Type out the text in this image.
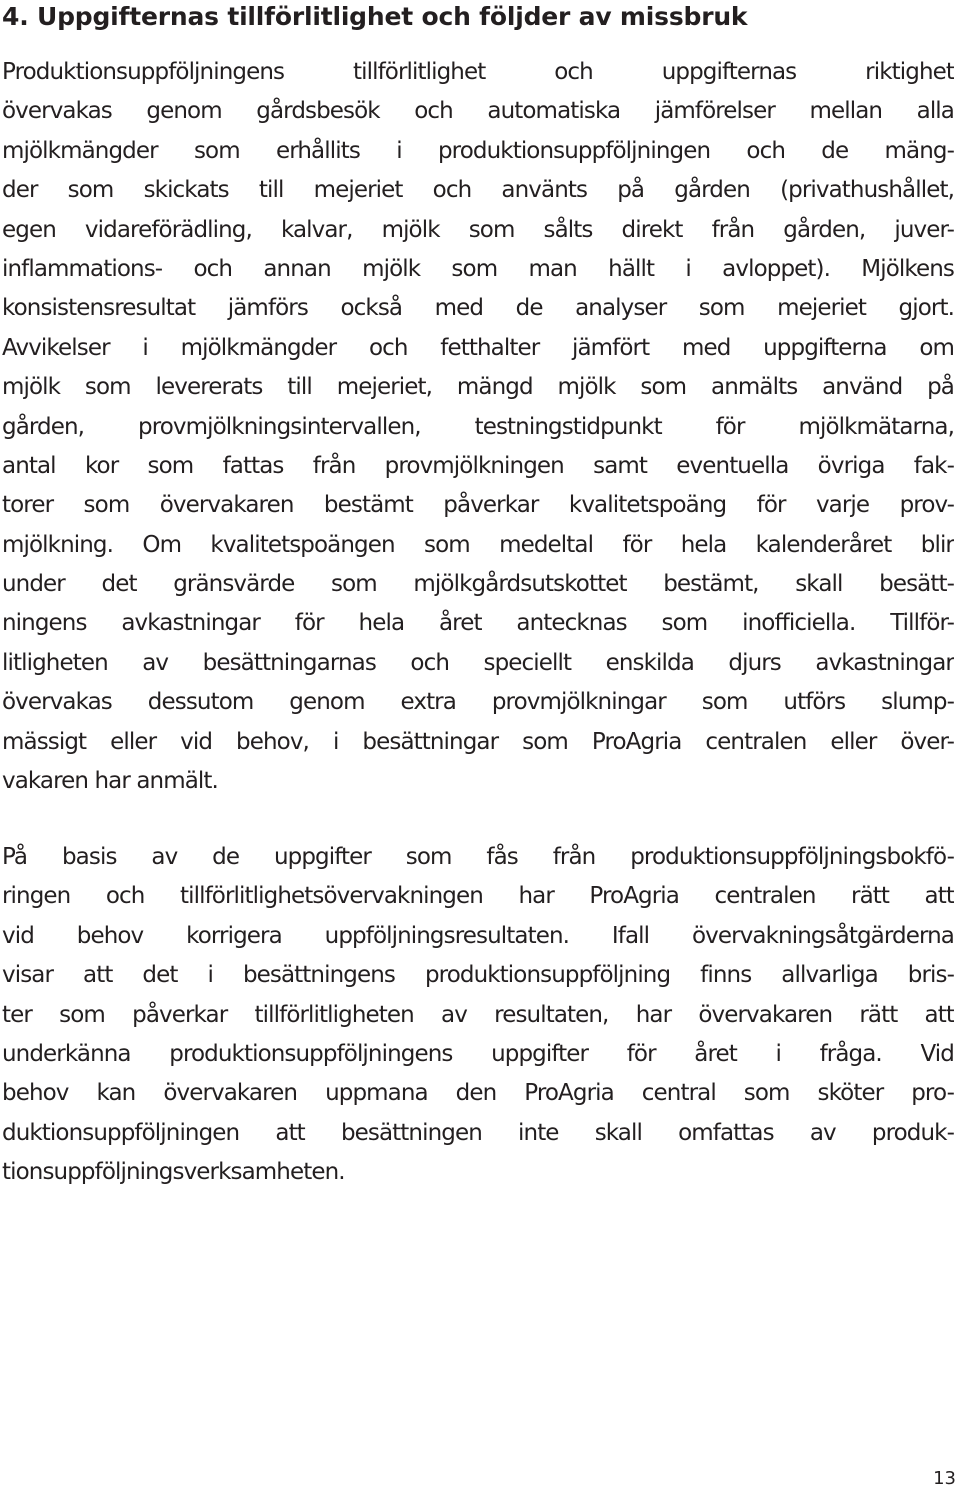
4. Uppgifternas tillförlitlighet och följder av missbruk
Produktionsuppföljningens tillförlitlighet och uppgifternas riktighet
övervakas genom gårdsbesök och automatiska jämförelser mellan alla
mjölkmängder som erhållits i produktionsuppföljningen och de mäng-
der som skickats till mejeriet och använts på gården (privathushållet,
egen vidareförädling, kalvar, mjölk som sålts direkt från gården, juver-
inflammations- och annan mjölk som man hällt i avloppet). Mjölkens
konsistensresultat jämförs också med de analyser som mejeriet gjort.
Avvikelser i mjölkmängder och fetthalter jämfört med uppgifterna om
mjölk som levererats till mejeriet, mängd mjölk som anmälts använd på
gården, provmjölkningsintervallen, testningstidpunkt för mjölkmätarna,
antal kor som fattas från provmjölkningen samt eventuella övriga fak-
torer som övervakaren bestämt påverkar kvalitetspoäng för varje prov-
mjölkning. Om kvalitetspoängen som medeltal för hela kalenderåret blir
under det gränsvärde som mjölkgårdsutskottet bestämt, skall besätt-
ningens avkastningar för hela året antecknas som inofficiella. Tillför-
litligheten av besättningarnas och speciellt enskilda djurs avkastningar
övervakas dessutom genom extra provmjölkningar som utförs slump-
mässigt eller vid behov, i besättningar som ProAgria centralen eller över-
vakaren har anmält.
På basis av de uppgifter som fås från produktionsuppföljningsbokfö-
ringen och tillförlitlighetsövervakningen har ProAgria centralen rätt att
vid behov korrigera uppföljningsresultaten. Ifall övervakningsåtgärderna
visar att det i besättningens produktionsuppföljning finns allvarliga bris-
ter som påverkar tillförlitligheten av resultaten, har övervakaren rätt att
underkänna produktionsuppföljningens uppgifter för året i fråga. Vid
behov kan övervakaren uppmana den ProAgria central som sköter pro-
duktionsuppföljningen att besättningen inte skall omfattas av produk-
tionsuppföljningsverksamheten.
13
